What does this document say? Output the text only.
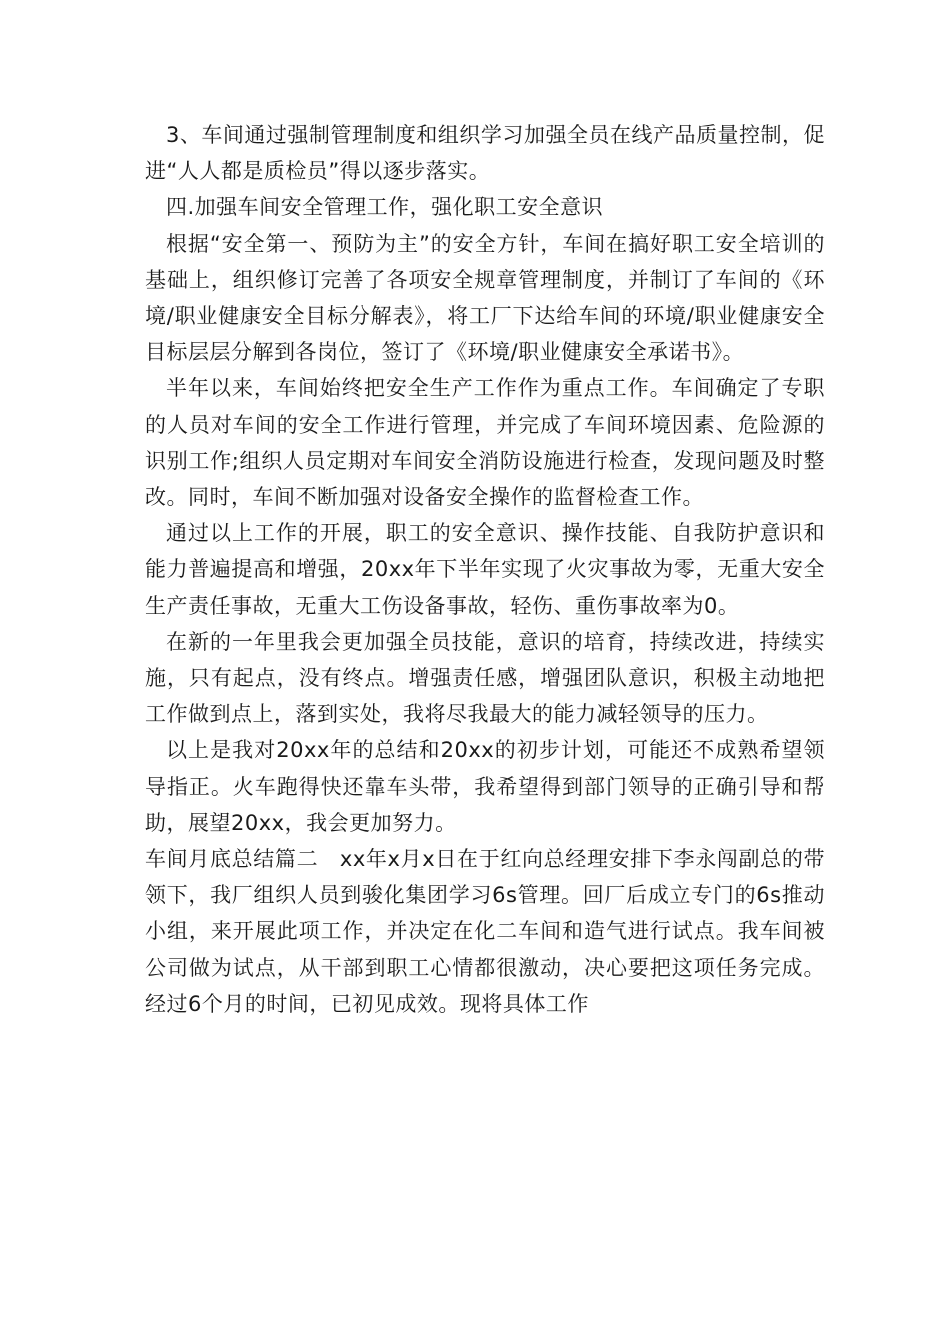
3、车间通过强制管理制度和组织学习加强全员在线产品质量控制，促进“人人都是质检员”得以逐步落实。

四.加强车间安全管理工作，强化职工安全意识

根据“安全第一、预防为主”的安全方针，车间在搞好职工安全培训的基础上，组织修订完善了各项安全规章管理制度，并制订了车间的《环境/职业健康安全目标分解表》，将工厂下达给车间的环境/职业健康安全目标层层分解到各岗位，签订了《环境/职业健康安全承诺书》。

半年以来，车间始终把安全生产工作作为重点工作。车间确定了专职的人员对车间的安全工作进行管理，并完成了车间环境因素、危险源的识别工作;组织人员定期对车间安全消防设施进行检查，发现问题及时整改。同时，车间不断加强对设备安全操作的监督检查工作。

通过以上工作的开展，职工的安全意识、操作技能、自我防护意识和能力普遍提高和增强，20xx年下半年实现了火灾事故为零，无重大安全生产责任事故，无重大工伤设备事故，轻伤、重伤事故率为0。

在新的一年里我会更加强全员技能，意识的培育，持续改进，持续实施，只有起点，没有终点。增强责任感，增强团队意识，积极主动地把工作做到点上，落到实处，我将尽我最大的能力减轻领导的压力。

以上是我对20xx年的总结和20xx的初步计划，可能还不成熟希望领导指正。火车跑得快还靠车头带，我希望得到部门领导的正确引导和帮助，展望20xx，我会更加努力。

车间月底总结篇二　xx年x月x日在于红向总经理安排下李永闯副总的带领下，我厂组织人员到骏化集团学习6s管理。回厂后成立专门的6s推动小组，来开展此项工作，并决定在化二车间和造气进行试点。我车间被公司做为试点，从干部到职工心情都很激动，决心要把这项任务完成。经过6个月的时间，已初见成效。现将具体工作
